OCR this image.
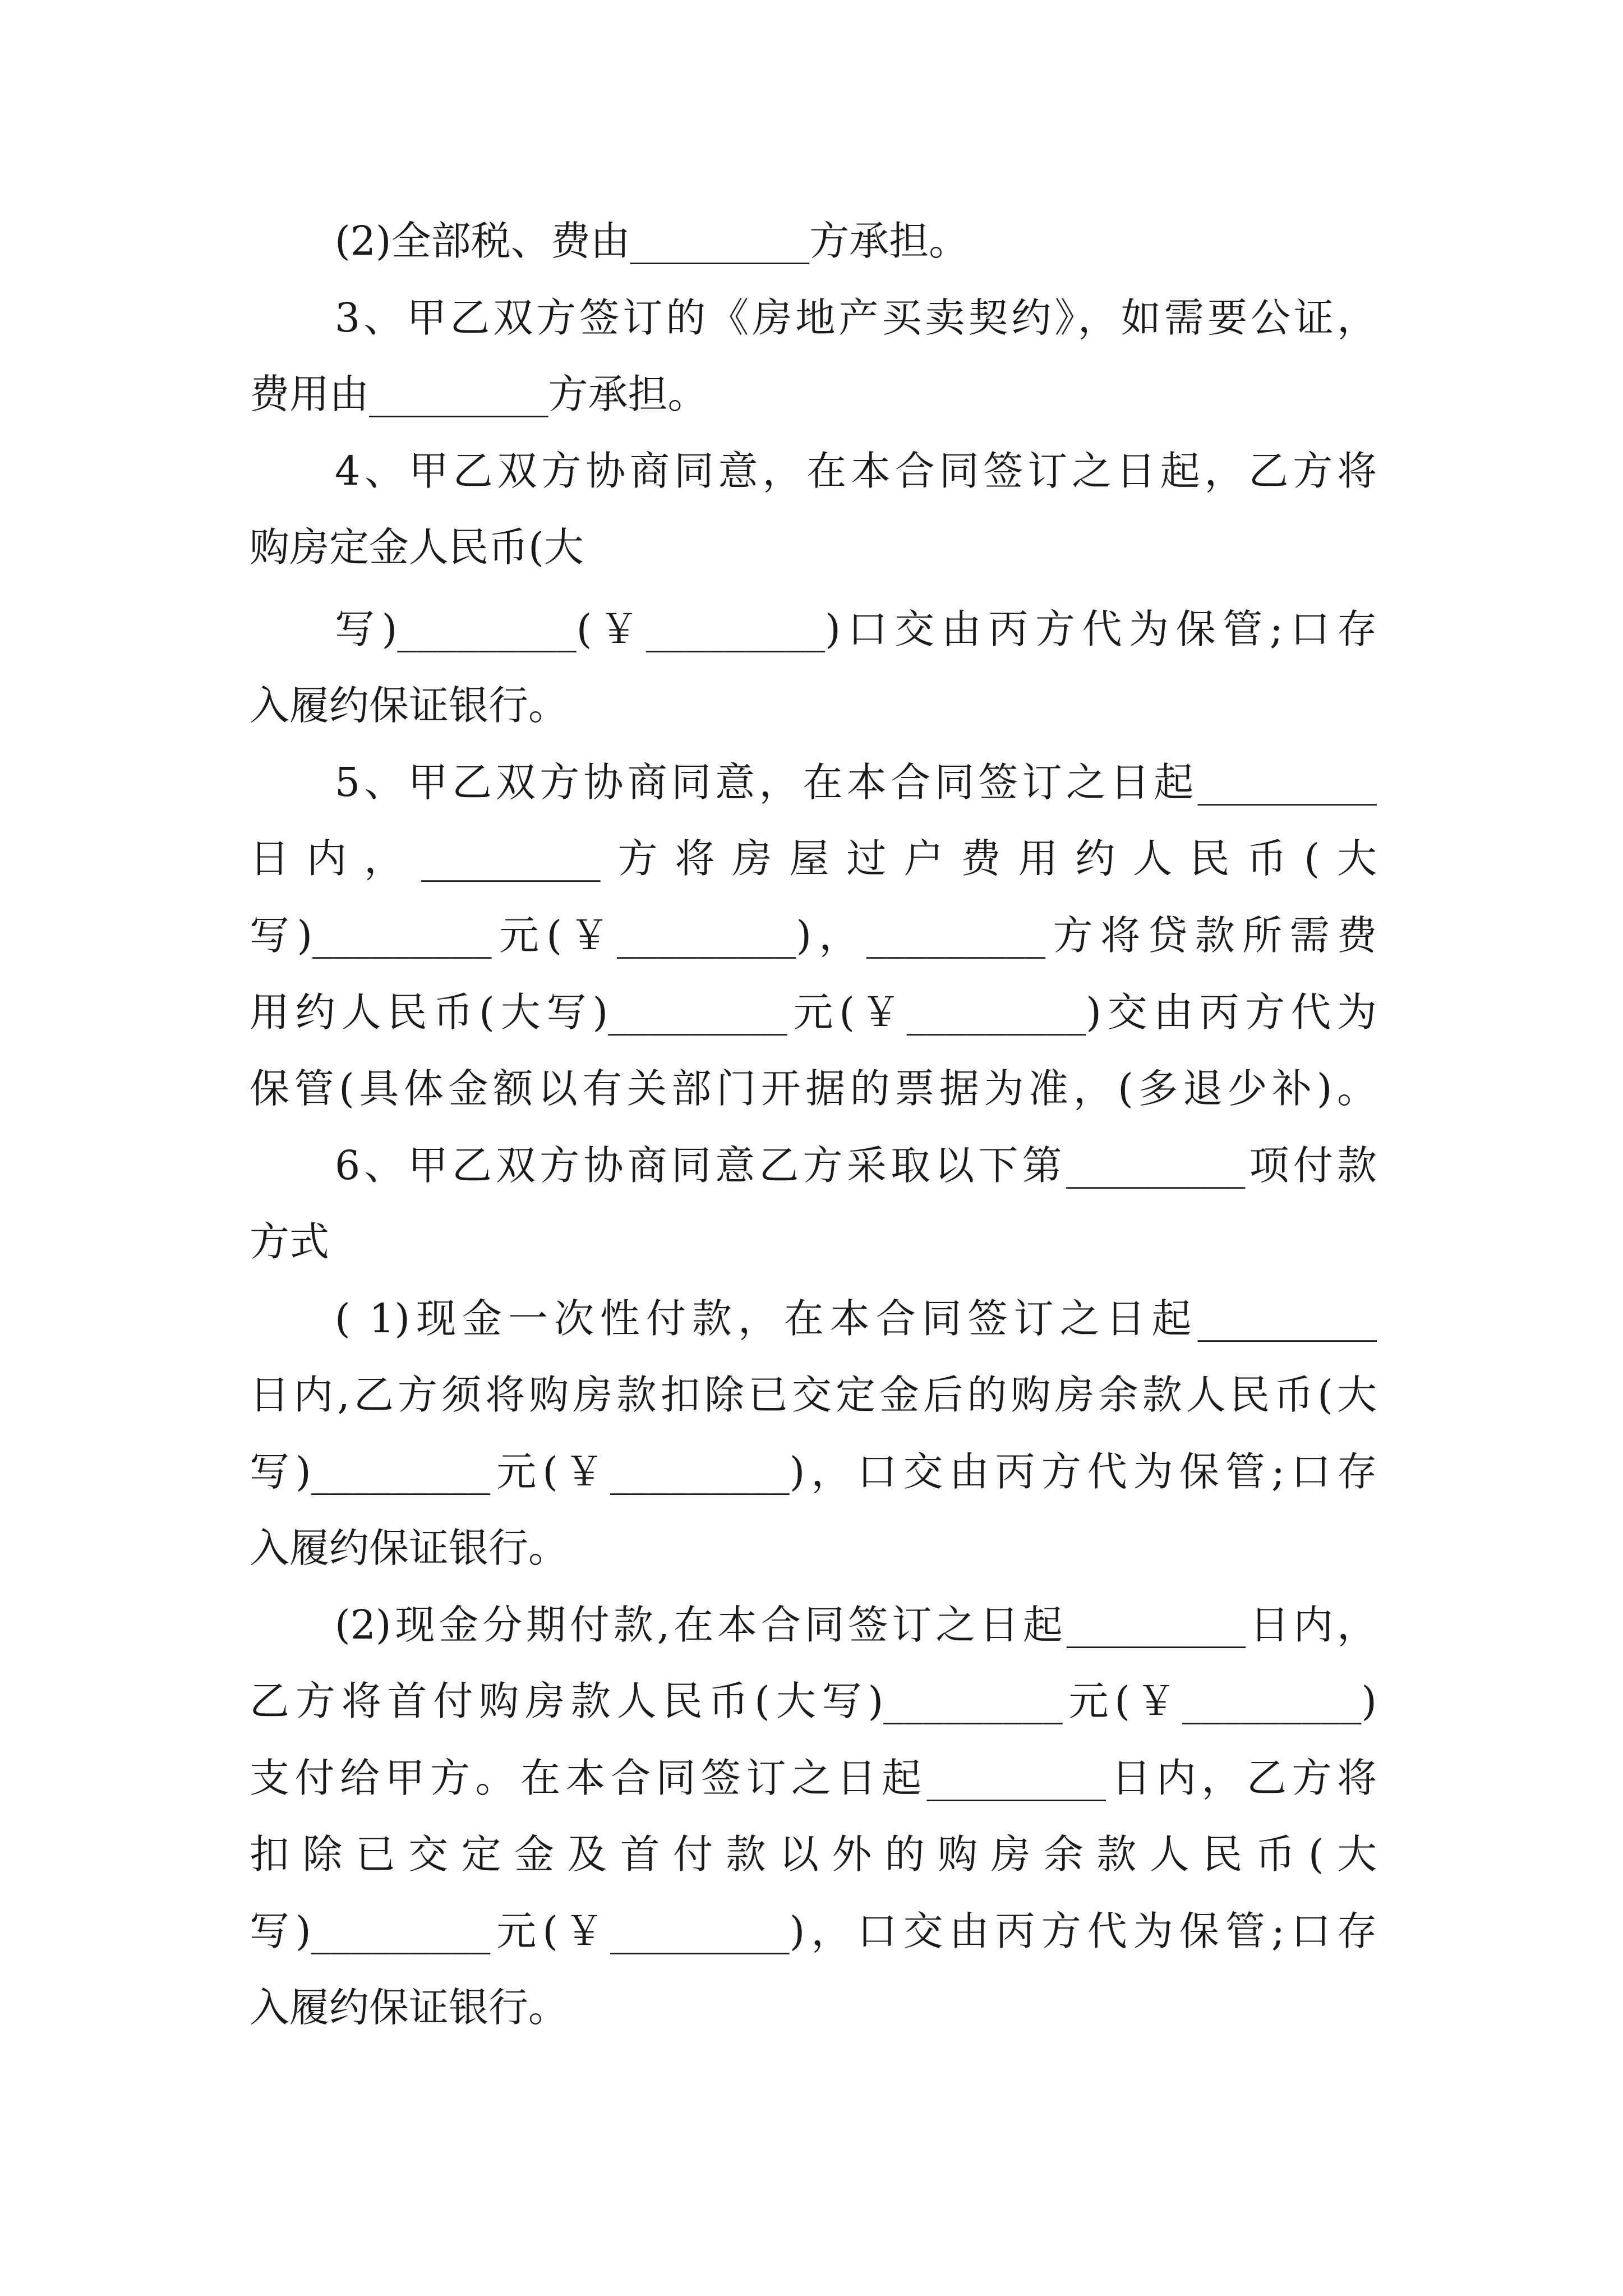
(2)全部税、费由_________方承担。
3、甲乙双方签订的《房地产买卖契约》，如需要公证，
费用由_________方承担。
4、甲乙双方协商同意，在本合同签订之日起，乙方将
购房定金人民币(大
写)_________(￥_________)口交由丙方代为保管;口存
入履约保证银行。
5、甲乙双方协商同意，在本合同签订之日起_________
日内，_________方将房屋过户费用约人民币(大
写)_________元(￥_________)，_________方将贷款所需费
用约人民币(大写)_________元(￥_________)交由丙方代为
保管(具体金额以有关部门开据的票据为准，(多退少补)。
6、甲乙双方协商同意乙方采取以下第_________项付款
方式
( 1)现金一次性付款，在本合同签订之日起_________
日内,乙方须将购房款扣除已交定金后的购房余款人民币(大
写)_________元(￥_________)，口交由丙方代为保管;口存
入履约保证银行。
(2)现金分期付款,在本合同签订之日起_________日内，
乙方将首付购房款人民币(大写)_________元(￥_________)
支付给甲方。在本合同签订之日起_________日内，乙方将
扣除已交定金及首付款以外的购房余款人民币(大
写)_________元(￥_________)，口交由丙方代为保管;口存
入履约保证银行。
